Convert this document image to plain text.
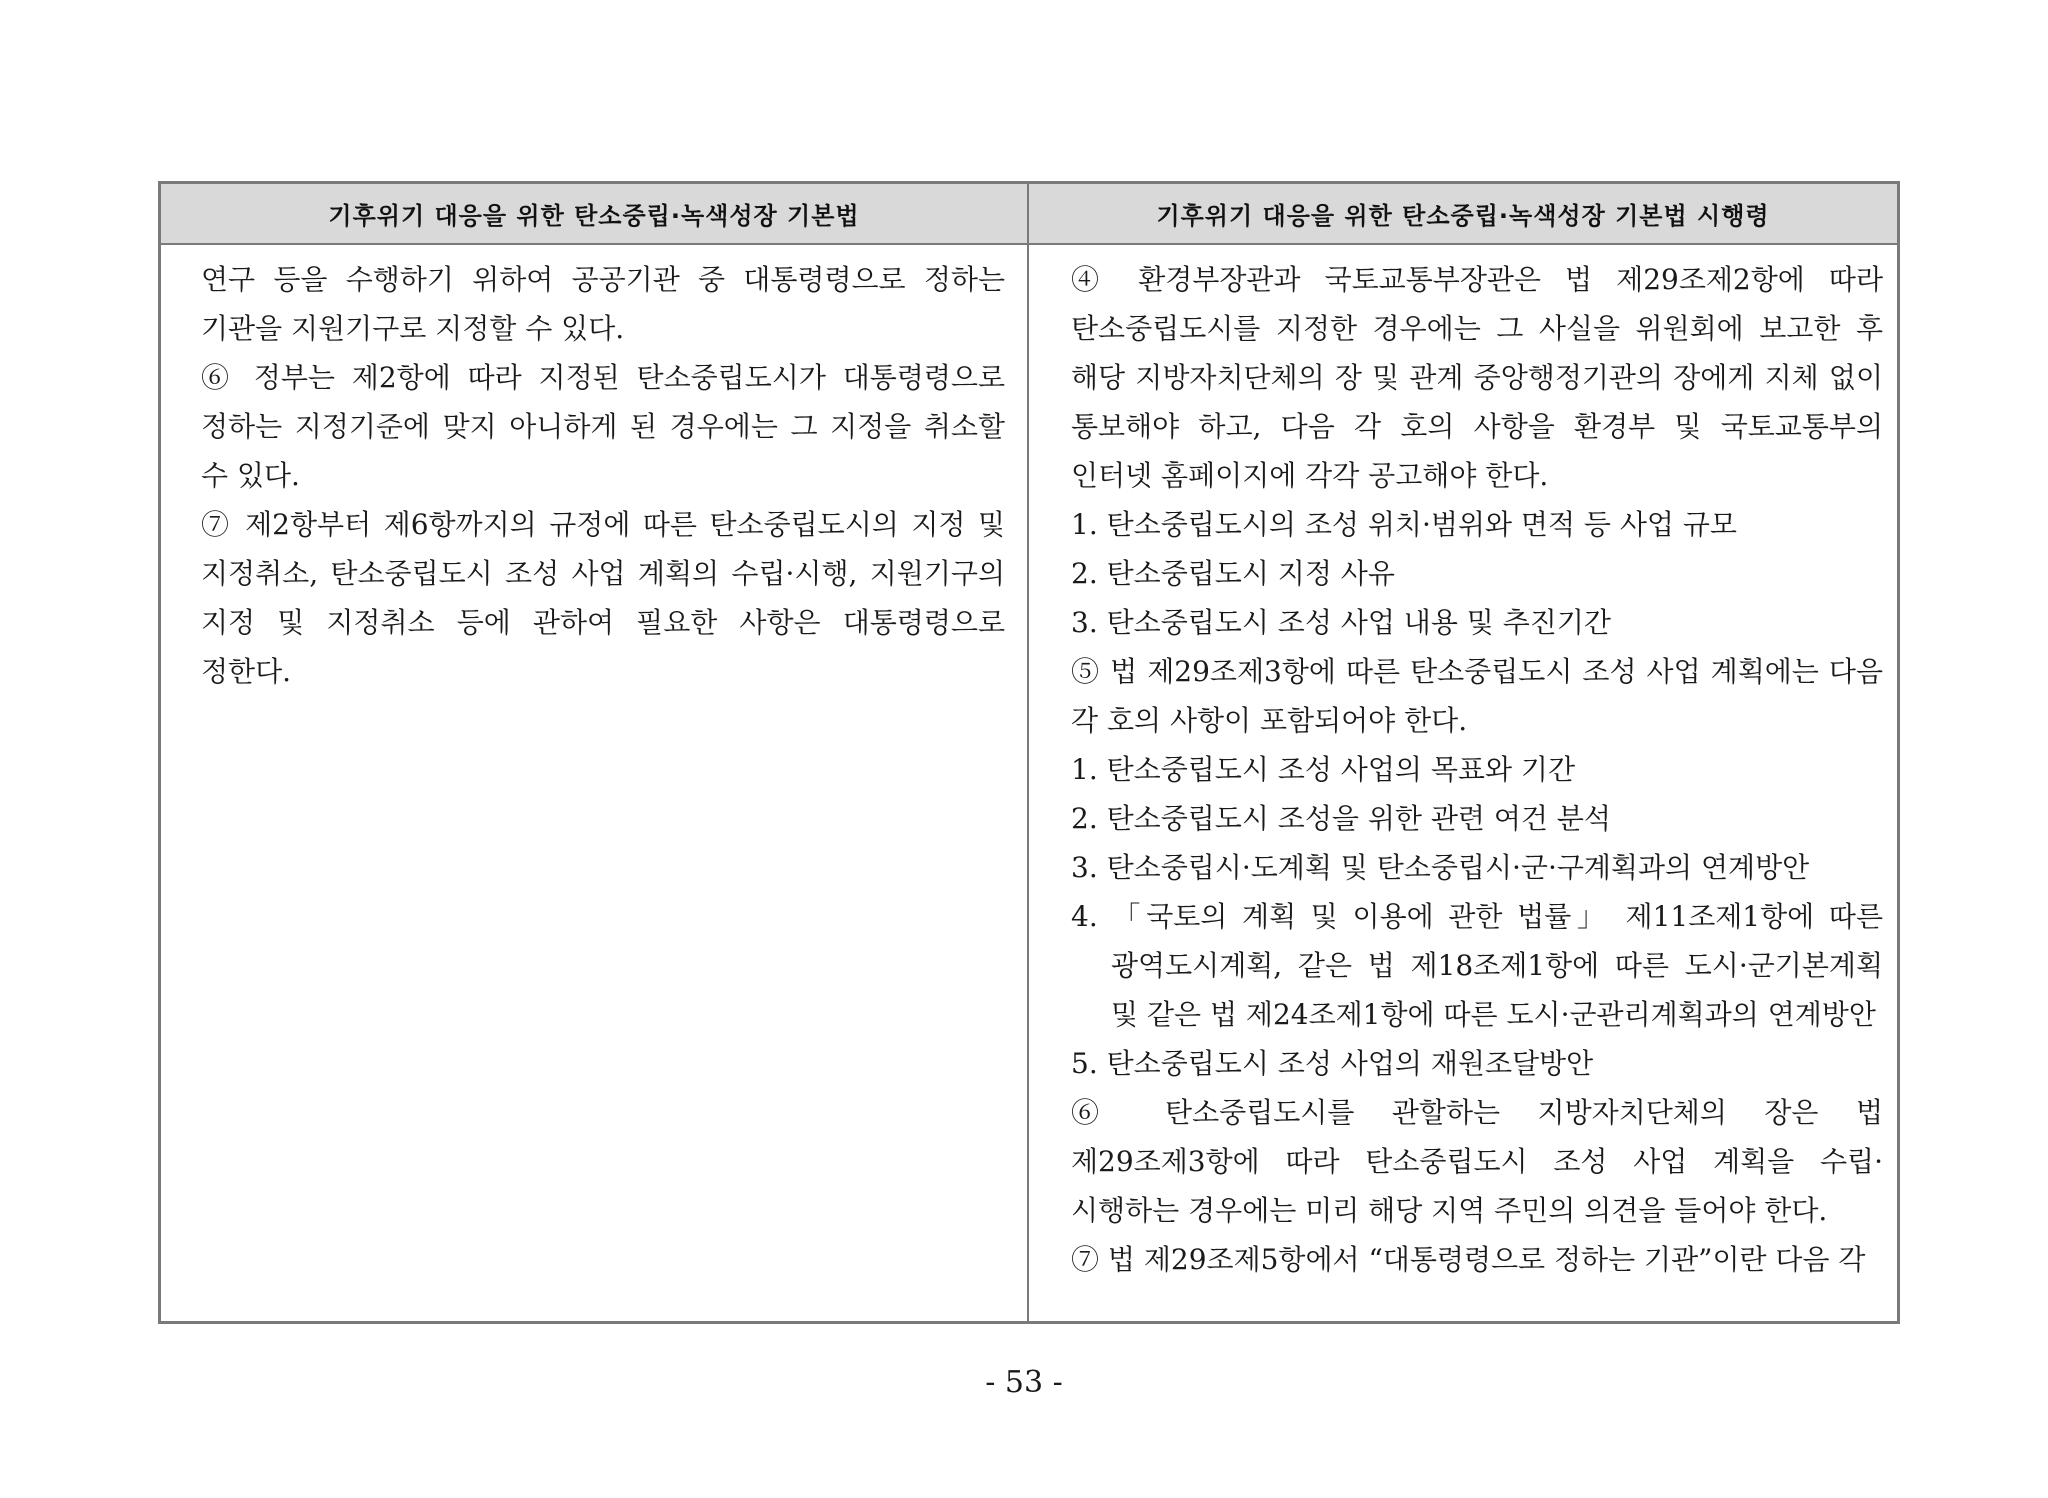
기후위기 대응을 위한 탄소중립·녹색성장 기본법	기후위기 대응을 위한 탄소중립·녹색성장 기본법 시행령

연구 등을 수행하기 위하여 공공기관 중 대통령령으로 정하는 기관을 지원기구로 지정할 수 있다.

⑥ 정부는 제2항에 따라 지정된 탄소중립도시가 대통령령으로 정하는 지정기준에 맞지 아니하게 된 경우에는 그 지정을 취소할 수 있다.

⑦ 제2항부터 제6항까지의 규정에 따른 탄소중립도시의 지정 및 지정취소, 탄소중립도시 조성 사업 계획의 수립·시행, 지원기구의 지정 및 지정취소 등에 관하여 필요한 사항은 대통령령으로 정한다.

④ 환경부장관과 국토교통부장관은 법 제29조제2항에 따라 탄소중립도시를 지정한 경우에는 그 사실을 위원회에 보고한 후 해당 지방자치단체의 장 및 관계 중앙행정기관의 장에게 지체 없이 통보해야 하고, 다음 각 호의 사항을 환경부 및 국토교통부의 인터넷 홈페이지에 각각 공고해야 한다.

1. 탄소중립도시의 조성 위치·범위와 면적 등 사업 규모

2. 탄소중립도시 지정 사유

3. 탄소중립도시 조성 사업 내용 및 추진기간

⑤ 법 제29조제3항에 따른 탄소중립도시 조성 사업 계획에는 다음 각 호의 사항이 포함되어야 한다.

1. 탄소중립도시 조성 사업의 목표와 기간

2. 탄소중립도시 조성을 위한 관련 여건 분석

3. 탄소중립시·도계획 및 탄소중립시·군·구계획과의 연계방안

4. 「국토의 계획 및 이용에 관한 법률」 제11조제1항에 따른 광역도시계획, 같은 법 제18조제1항에 따른 도시·군기본계획 및 같은 법 제24조제1항에 따른 도시·군관리계획과의 연계방안

5. 탄소중립도시 조성 사업의 재원조달방안

⑥ 탄소중립도시를 관할하는 지방자치단체의 장은 법 제29조제3항에 따라 탄소중립도시 조성 사업 계획을 수립·시행하는 경우에는 미리 해당 지역 주민의 의견을 들어야 한다.

⑦ 법 제29조제5항에서 “대통령령으로 정하는 기관”이란 다음 각

- 53 -
